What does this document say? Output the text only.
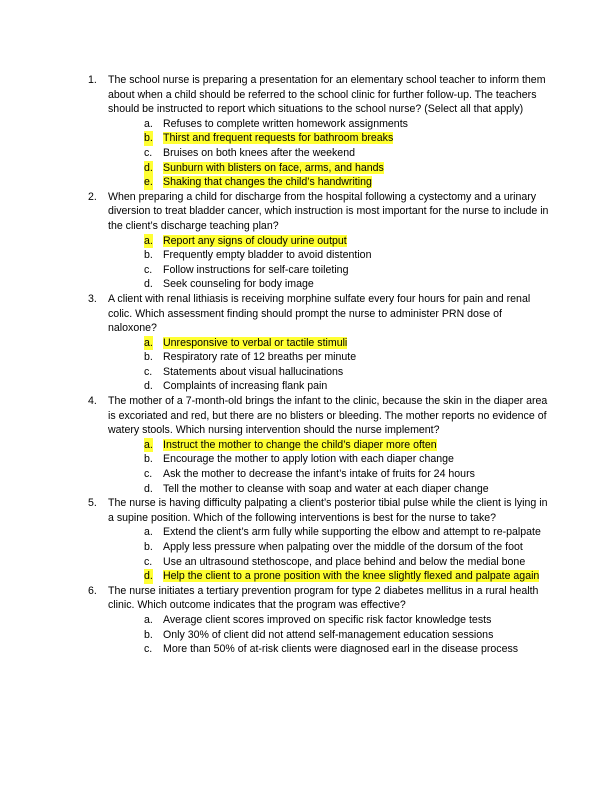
1. The school nurse is preparing a presentation for an elementary school teacher to inform them about when a child should be referred to the school clinic for further follow-up. The teachers should be instructed to report which situations to the school nurse? (Select all that apply)
a. Refuses to complete written homework assignments
b. Thirst and frequent requests for bathroom breaks
c. Bruises on both knees after the weekend
d. Sunburn with blisters on face, arms, and hands
e. Shaking that changes the child’s handwriting
2. When preparing a child for discharge from the hospital following a cystectomy and a urinary diversion to treat bladder cancer, which instruction is most important for the nurse to include in the client’s discharge teaching plan?
a. Report any signs of cloudy urine output
b. Frequently empty bladder to avoid distention
c. Follow instructions for self-care toileting
d. Seek counseling for body image
3. A client with renal lithiasis is receiving morphine sulfate every four hours for pain and renal colic. Which assessment finding should prompt the nurse to administer PRN dose of naloxone?
a. Unresponsive to verbal or tactile stimuli
b. Respiratory rate of 12 breaths per minute
c. Statements about visual hallucinations
d. Complaints of increasing flank pain
4. The mother of a 7-month-old brings the infant to the clinic, because the skin in the diaper area is excoriated and red, but there are no blisters or bleeding. The mother reports no evidence of watery stools. Which nursing intervention should the nurse implement?
a. Instruct the mother to change the child’s diaper more often
b. Encourage the mother to apply lotion with each diaper change
c. Ask the mother to decrease the infant’s intake of fruits for 24 hours
d. Tell the mother to cleanse with soap and water at each diaper change
5. The nurse is having difficulty palpating a client’s posterior tibial pulse while the client is lying in a supine position. Which of the following interventions is best for the nurse to take?
a. Extend the client’s arm fully while supporting the elbow and attempt to re-palpate
b. Apply less pressure when palpating over the middle of the dorsum of the foot
c. Use an ultrasound stethoscope, and place behind and below the medial bone
d. Help the client to a prone position with the knee slightly flexed and palpate again
6. The nurse initiates a tertiary prevention program for type 2 diabetes mellitus in a rural health clinic. Which outcome indicates that the program was effective?
a. Average client scores improved on specific risk factor knowledge tests
b. Only 30% of client did not attend self-management education sessions
c. More than 50% of at-risk clients were diagnosed earl in the disease process
